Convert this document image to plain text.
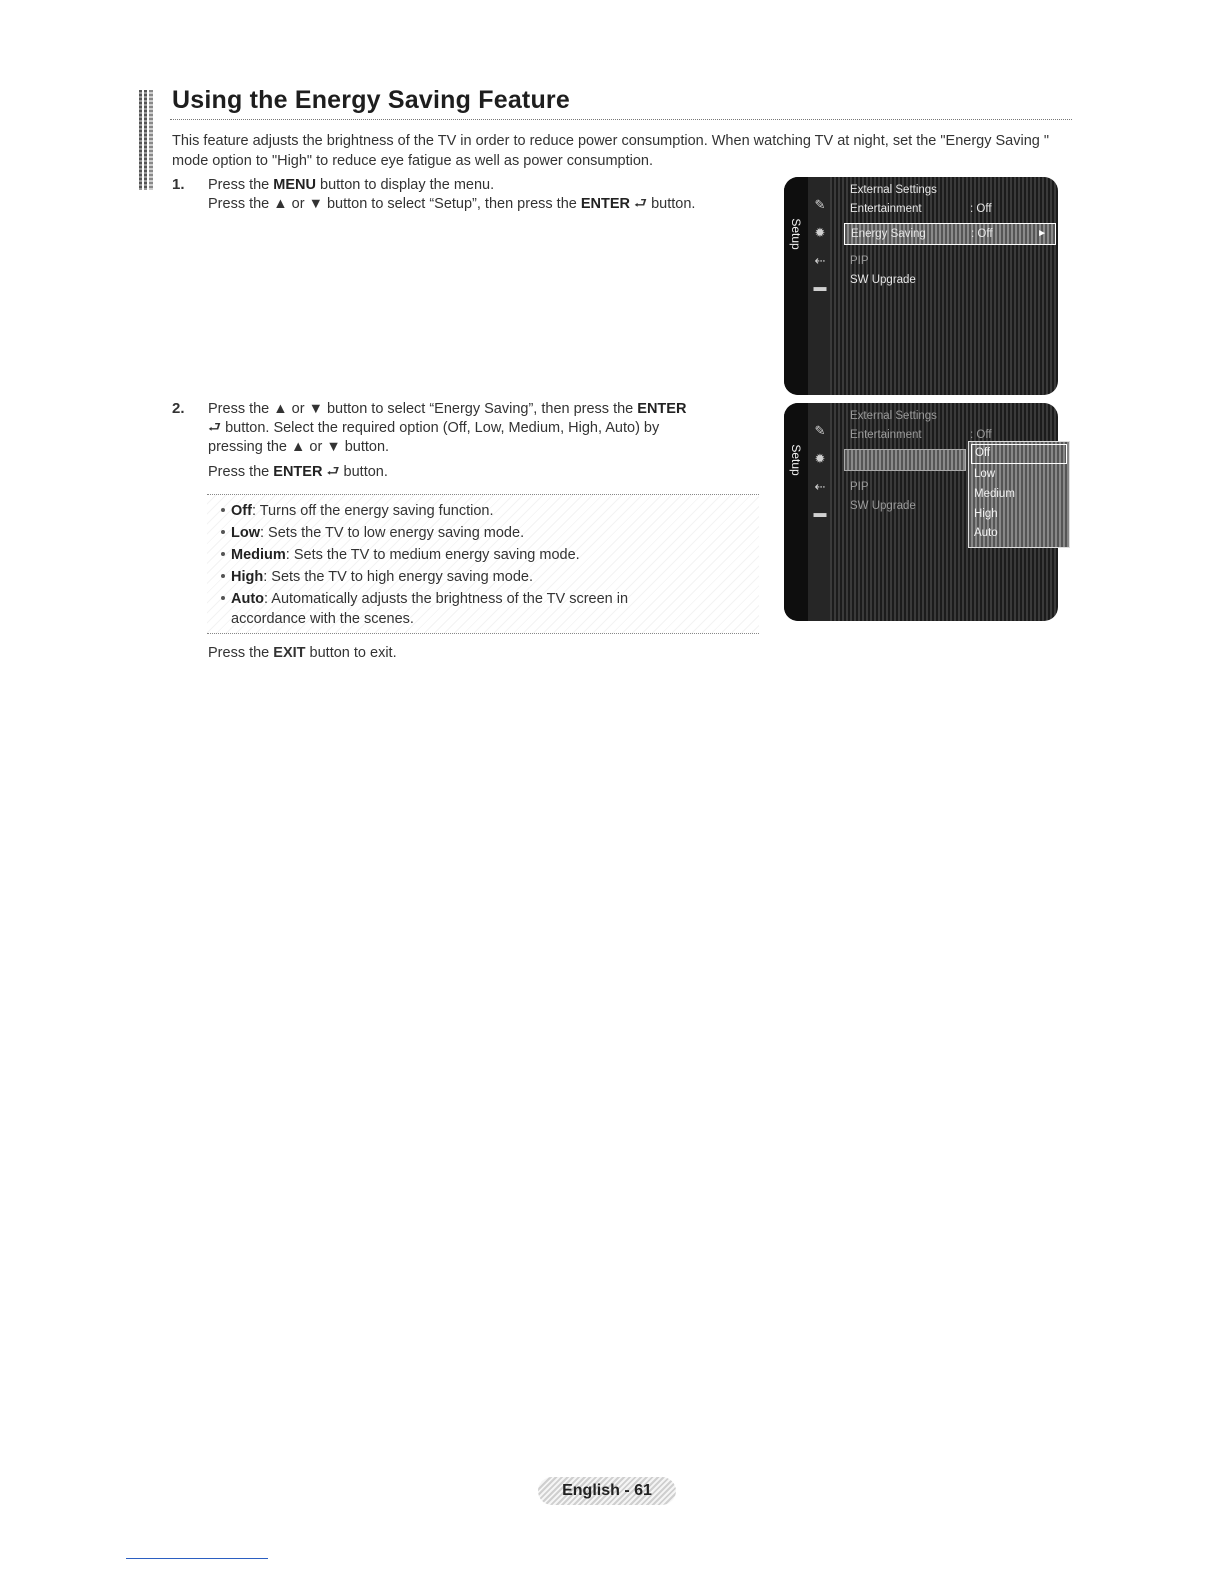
Using the Energy Saving Feature

This feature adjusts the brightness of the TV in order to reduce power consumption. When watching TV at night, set the "Energy Saving " mode option to "High" to reduce eye fatigue as well as power consumption.

1. Press the MENU button to display the menu.
Press the ▲ or ▼ button to select “Setup”, then press the ENTER ⮐ button.
2. Press the ▲ or ▼ button to select “Energy Saving”, then press the ENTER
⮐ button. Select the required option (Off, Low, Medium, High, Auto) by
pressing the ▲ or ▼ button.
Press the ENTER ⮐ button.
Off: Turns off the energy saving function.
Low: Sets the TV to low energy saving mode.
Medium: Sets the TV to medium energy saving mode.
High: Sets the TV to high energy saving mode.
Auto: Automatically adjusts the brightness of the TV screen in
accordance with the scenes.
Press the EXIT button to exit.
Setup
✎
✹
⇠
▬
External Settings
Entertainment	: Off
Energy Saving	: Off	►
PIP
SW Upgrade
Setup
✎
✹
⇠
▬
External Settings
Entertainment	: Off
PIP
SW Upgrade
Off
Low
Medium
High
Auto
English - 61
